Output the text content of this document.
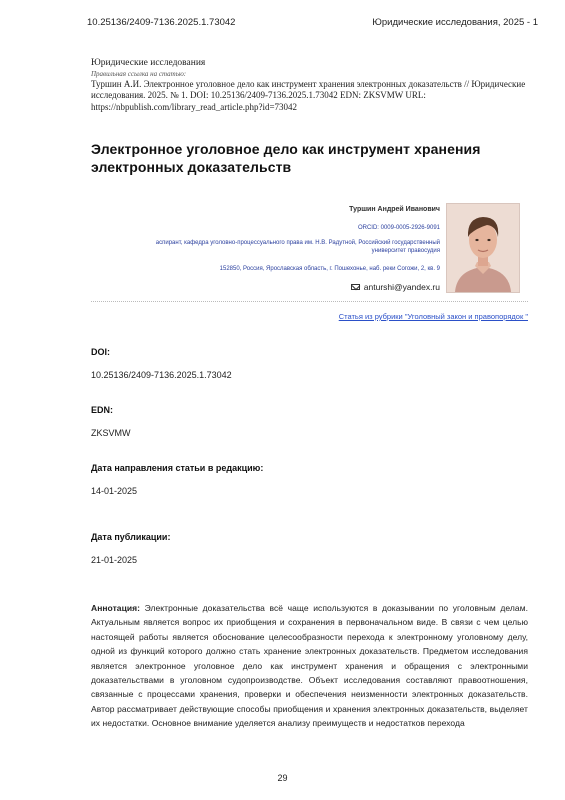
10.25136/2409-7136.2025.1.73042	Юридические исследования, 2025 - 1
Юридические исследования
Правильная ссылка на статью:
Туршин А.И. Электронное уголовное дело как инструмент хранения электронных доказательств // Юридические исследования. 2025. № 1. DOI: 10.25136/2409-7136.2025.1.73042 EDN: ZKSVMW URL: https://nbpublish.com/library_read_article.php?id=73042
Электронное уголовное дело как инструмент хранения электронных доказательств
Туршин Андрей Иванович
ORCID: 0009-0005-2926-9091
аспирант, кафедра уголовно-процессуального права им. Н.В. Радутной, Российский государственный университет правосудия
152850, Россия, Ярославская область, г. Пошехонье, наб. реки Согожи, 2, кв. 9
anturshi@yandex.ru
Статья из рубрики "Уголовный закон и правопорядок "
DOI:
10.25136/2409-7136.2025.1.73042
EDN:
ZKSVMW
Дата направления статьи в редакцию:
14-01-2025
Дата публикации:
21-01-2025
Аннотация: Электронные доказательства всё чаще используются в доказывании по уголовным делам. Актуальным является вопрос их приобщения и сохранения в первоначальном виде. В связи с чем целью настоящей работы является обоснование целесообразности перехода к электронному уголовному делу, одной из функций которого должно стать хранение электронных доказательств. Предметом исследования является электронное уголовное дело как инструмент хранения и обращения с электронными доказательствами в уголовном судопроизводстве. Объект исследования составляют правоотношения, связанные с процессами хранения, проверки и обеспечения неизменности электронных доказательств. Автор рассматривает действующие способы приобщения и хранения электронных доказательств, выделяет их недостатки. Основное внимание уделяется анализу преимуществ и недостатков перехода
29
